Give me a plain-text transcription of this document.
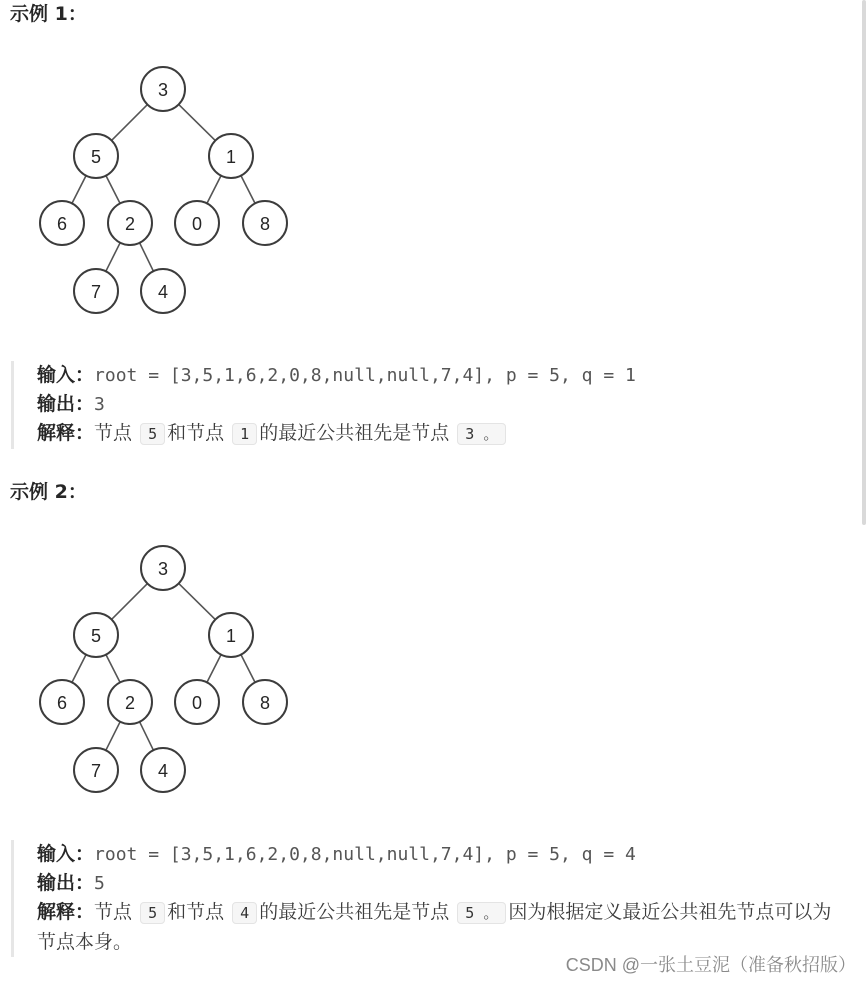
示例 1：
3
5	1
6	2	0	8
7	4
输入：root = [3,5,1,6,2,0,8,null,null,7,4], p = 5, q = 1
输出：3
解释：节点 5 和节点 1 的最近公共祖先是节点 3 。
示例 2：
3
5	1
6	2	0	8
7	4
输入：root = [3,5,1,6,2,0,8,null,null,7,4], p = 5, q = 4
输出：5
解释：节点 5 和节点 4 的最近公共祖先是节点 5 。 因为根据定义最近公共祖先节点可以为节点本身。
CSDN @一张土豆泥（准备秋招版）
